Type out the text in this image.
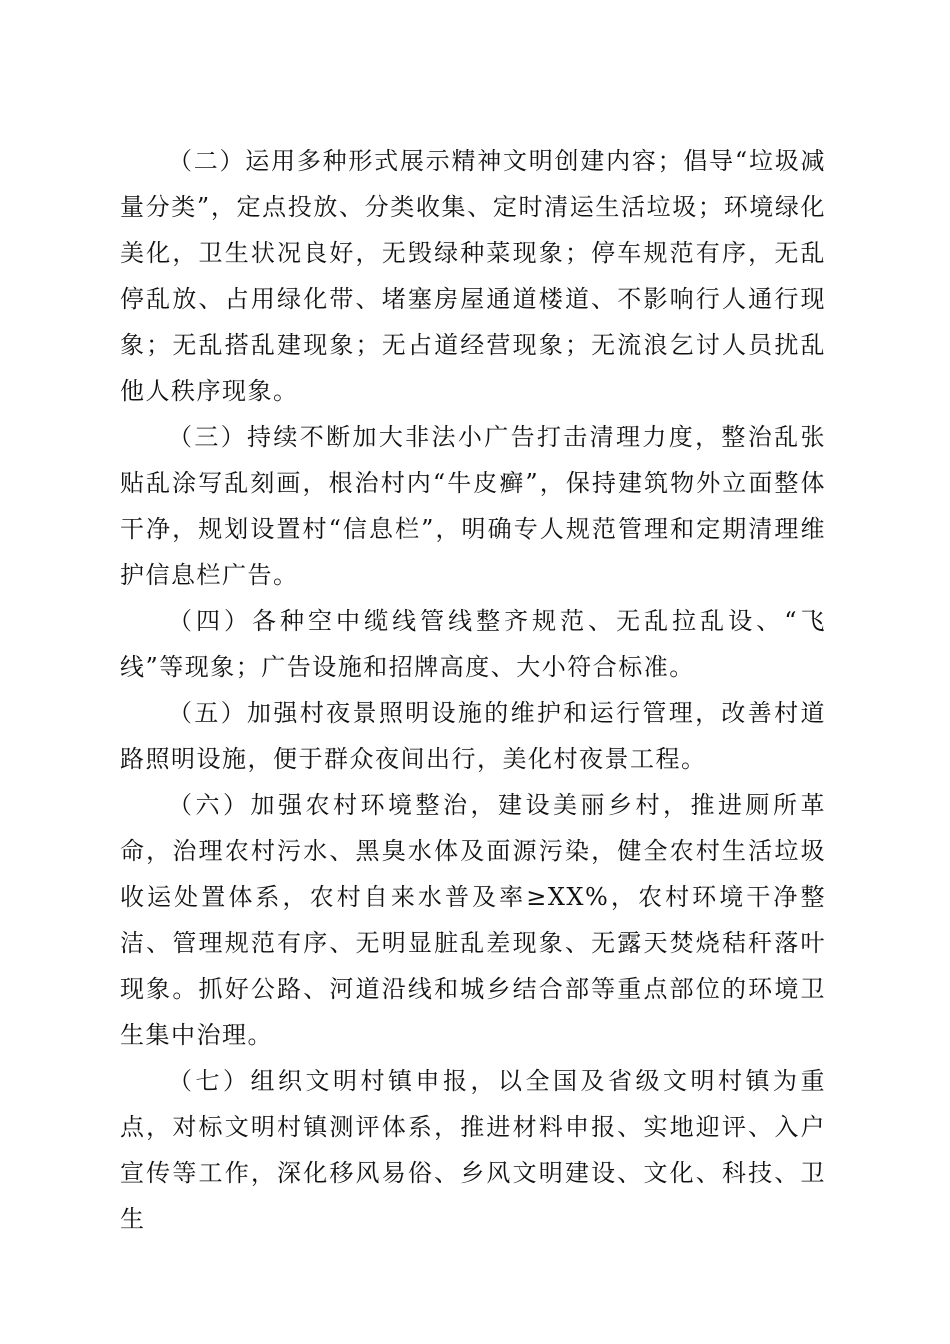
（二）运用多种形式展示精神文明创建内容；倡导“垃圾减量分类”，定点投放、分类收集、定时清运生活垃圾；环境绿化美化，卫生状况良好，无毁绿种菜现象；停车规范有序，无乱停乱放、占用绿化带、堵塞房屋通道楼道、不影响行人通行现象；无乱搭乱建现象；无占道经营现象；无流浪乞讨人员扰乱他人秩序现象。

（三）持续不断加大非法小广告打击清理力度，整治乱张贴乱涂写乱刻画，根治村内“牛皮癣”，保持建筑物外立面整体干净，规划设置村“信息栏”，明确专人规范管理和定期清理维护信息栏广告。

（四）各种空中缆线管线整齐规范、无乱拉乱设、“飞线”等现象；广告设施和招牌高度、大小符合标准。

（五）加强村夜景照明设施的维护和运行管理，改善村道路照明设施，便于群众夜间出行，美化村夜景工程。

（六）加强农村环境整治，建设美丽乡村，推进厕所革命，治理农村污水、黑臭水体及面源污染，健全农村生活垃圾收运处置体系，农村自来水普及率≥XX%，农村环境干净整洁、管理规范有序、无明显脏乱差现象、无露天焚烧秸秆落叶现象。抓好公路、河道沿线和城乡结合部等重点部位的环境卫生集中治理。

（七）组织文明村镇申报，以全国及省级文明村镇为重点，对标文明村镇测评体系，推进材料申报、实地迎评、入户宣传等工作，深化移风易俗、乡风文明建设、文化、科技、卫生
